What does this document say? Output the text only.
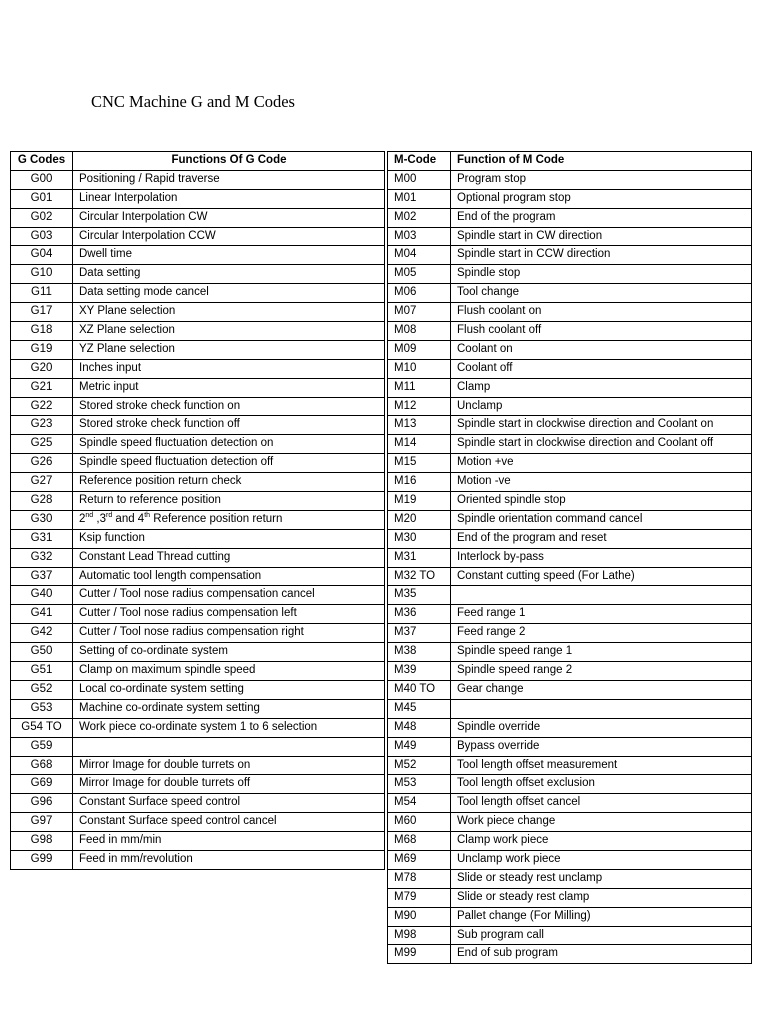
CNC Machine G and M Codes
G Codes	Functions Of G Code
G00	Positioning / Rapid traverse
G01	Linear Interpolation
G02	Circular Interpolation CW
G03	Circular Interpolation CCW
G04	Dwell time
G10	Data setting
G11	Data setting mode cancel
G17	XY Plane selection
G18	XZ Plane selection
G19	YZ Plane selection
G20	Inches input
G21	Metric input
G22	Stored stroke check function on
G23	Stored stroke check function off
G25	Spindle speed fluctuation detection on
G26	Spindle speed fluctuation detection off
G27	Reference position return check
G28	Return to reference position
G30	2nd ,3rd and 4th Reference position return
G31	Ksip function
G32	Constant Lead Thread cutting
G37	Automatic tool length compensation
G40	Cutter / Tool nose radius compensation cancel
G41	Cutter / Tool nose radius compensation left
G42	Cutter / Tool nose radius compensation right
G50	Setting of co-ordinate system
G51	Clamp on maximum spindle speed
G52	Local co-ordinate system setting
G53	Machine co-ordinate system setting
G54 TO	Work piece co-ordinate system 1 to 6 selection
G59	
G68	Mirror Image for double turrets on
G69	Mirror Image for double turrets off
G96	Constant Surface speed control
G97	Constant Surface speed control cancel
G98	Feed in mm/min
G99	Feed in mm/revolution
M-Code	Function of M Code
M00	Program stop
M01	Optional program stop
M02	End of the program
M03	Spindle start in CW direction
M04	Spindle start in CCW direction
M05	Spindle stop
M06	Tool change
M07	Flush coolant on
M08	Flush coolant off
M09	Coolant on
M10	Coolant off
M11	Clamp
M12	Unclamp
M13	Spindle start in clockwise direction and Coolant on
M14	Spindle start in clockwise direction and Coolant off
M15	Motion +ve
M16	Motion -ve
M19	Oriented spindle stop
M20	Spindle orientation command cancel
M30	End of the program and reset
M31	Interlock by-pass
M32 TO	Constant cutting speed (For Lathe)
M35	
M36	Feed range 1
M37	Feed range 2
M38	Spindle speed range 1
M39	Spindle speed range 2
M40 TO	Gear change
M45	
M48	Spindle override
M49	Bypass override
M52	Tool length offset measurement
M53	Tool length offset exclusion
M54	Tool length offset cancel
M60	Work piece change
M68	Clamp work piece
M69	Unclamp work piece
M78	Slide or steady rest unclamp
M79	Slide or steady rest clamp
M90	Pallet change (For Milling)
M98	Sub program call
M99	End of sub program
